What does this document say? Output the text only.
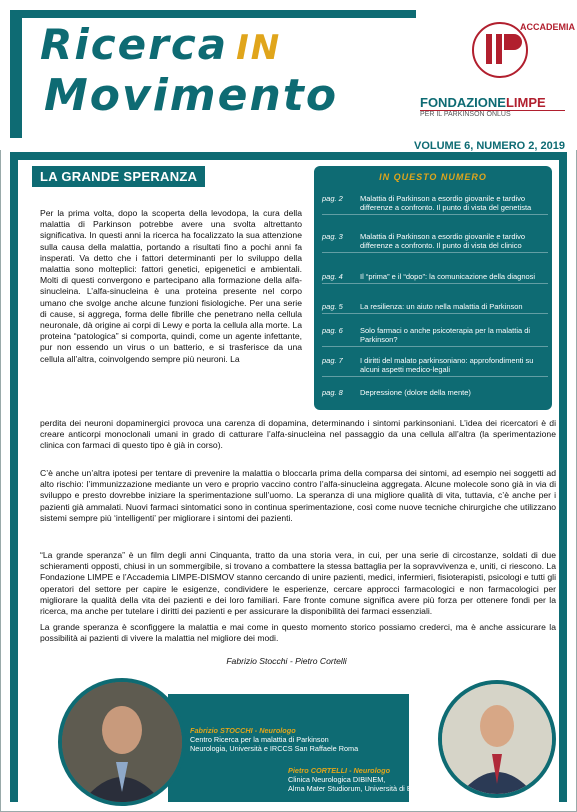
Ricerca IN
Movimento
ACCADEMIA
FONDAZIONELIMPE
PER IL PARKINSON ONLUS
VOLUME 6, NUMERO 2, 2019
LA GRANDE SPERANZA	IN QUESTO NUMERO
pag. 2	Malattia di Parkinson a esordio giovanile e tardivo differenze a confronto. Il punto di vista del genetista
pag. 3	Malattia di Parkinson a esordio giovanile e tardivo differenze a confronto. Il punto di vista del clinico
pag. 4	Il “prima” e il “dopo”: la comunicazione della diagnosi
pag. 5	La resilienza: un aiuto nella malattia di Parkinson
pag. 6	Solo farmaci o anche psicoterapia per la malattia di Parkinson?
pag. 7	I diritti del malato parkinsoniano: approfondimenti su alcuni aspetti medico-legali
pag. 8	Depressione (dolore della mente)
Per la prima volta, dopo la scoperta della levodopa, la cura della malattia di Parkinson potrebbe avere una svolta altrettanto significativa. In questi anni la ricerca ha focalizzato la sua attenzione sulla causa della malattia, portando a risultati fino a pochi anni fa insperati. Va detto che i fattori determinanti per lo sviluppo della malattia sono molteplici: fattori genetici, epigenetici e ambientali. Molti di questi convergono e partecipano alla formazione della alfa-sinucleina. L’alfa-sinucleina è una proteina presente nel corpo umano che svolge anche alcune funzioni fisiologiche. Per una serie di cause, si aggrega, forma delle fibrille che penetrano nella cellula neuronale, dà origine ai corpi di Lewy e porta la cellula alla morte. La proteina “patologica” si comporta, quindi, come un agente infettante, pur non essendo un virus o un batterio, e si trasferisce da una cellula all’altra, coinvolgendo sempre più neuroni. La
perdita dei neuroni dopaminergici provoca una carenza di dopamina, determinando i sintomi parkinsoniani. L’idea dei ricercatori è di creare anticorpi monoclonali umani in grado di catturare l’alfa-sinucleina nel passaggio da una cellula all’altra (la sperimentazione clinica con farmaci di questo tipo è già in corso).
C’è anche un’altra ipotesi per tentare di prevenire la malattia o bloccarla prima della comparsa dei sintomi, ad esempio nei soggetti ad alto rischio: l’immunizzazione mediante un vero e proprio vaccino contro l’alfa-sinucleina aggregata. Alcune molecole sono già in via di sviluppo e presto dovrebbe iniziare la sperimentazione sull’uomo. La speranza di una migliore qualità di vita, tuttavia, c’è anche per i pazienti già ammalati. Nuovi farmaci sintomatici sono in continua sperimentazione, così come nuove tecniche chirurgiche che utilizzano sistemi sempre più ‘intelligenti’ per migliorare i sintomi dei pazienti.
“La grande speranza” è un film degli anni Cinquanta, tratto da una storia vera, in cui, per una serie di circostanze, soldati di due schieramenti opposti, chiusi in un sommergibile, si trovano a combattere la stessa battaglia per la sopravvivenza e, uniti, ci riescono. La Fondazione LIMPE e l’Accademia LIMPE-DISMOV stanno cercando di unire pazienti, medici, infermieri, fisioterapisti, psicologi e tutti gli operatori del settore per capire le esigenze, condividere le esperienze, cercare approcci farmacologici e non farmacologici per migliorare la qualità della vita dei pazienti e dei loro familiari. Fare fronte comune significa avere più forza per ottenere fondi per la ricerca, ma anche per tutelare i diritti dei pazienti e per assicurare la disponibilità dei farmaci essenziali.
La grande speranza è sconfiggere la malattia e mai come in questo momento storico possiamo crederci, ma è anche assicurare la possibilità ai pazienti di vivere la malattia nel migliore dei modi.
Fabrizio Stocchi - Pietro Cortelli
Fabrizio STOCCHI - Neurologo
Centro Ricerca per la malattia di Parkinson
Neurologia, Università e IRCCS San Raffaele Roma
Pietro CORTELLI - Neurologo
Clinica Neurologica DIBINEM,
Alma Mater Studiorum, Università di Bologna
